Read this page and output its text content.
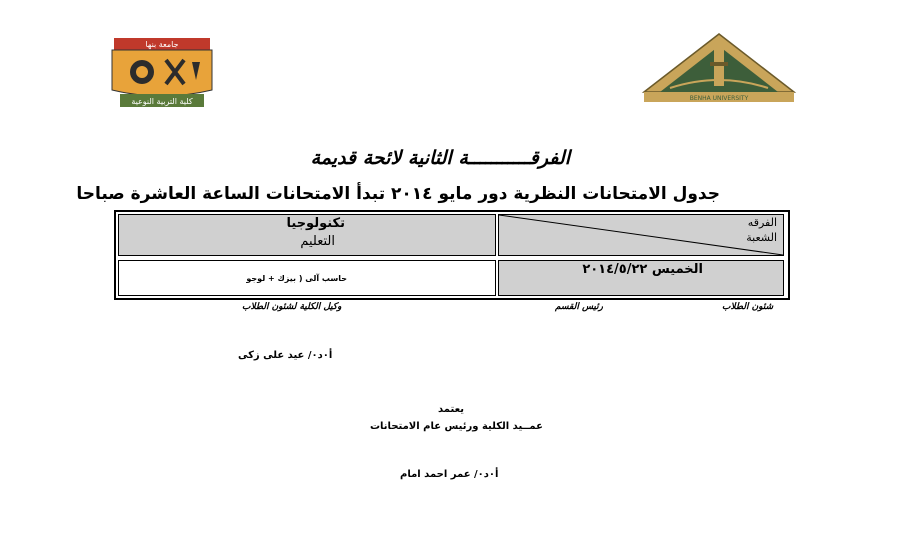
جامعة بنها
كلية التربية النوعية	BENHA UNIVERSITY
الفرقـــــــــــة الثانية لائحة قديمة
جدول الامتحانات النظرية دور مايو ٢٠١٤ تبدأ الامتحانات الساعة العاشرة صباحا
تكنولوجيا
التعليم
الفرقه
الشعبة
حاسب آلى ( بيزك + لوجو
الخميس ٢٠١٤/٥/٢٢
شئون الطلاب
رئيس القسم
وكيل الكلية لشئون الطلاب
أ٠د٠/ عيد على زكى
يعتمد
عمــيد الكلية ورئيس عام الامتحانات
أ٠د٠/ عمر احمد امام
